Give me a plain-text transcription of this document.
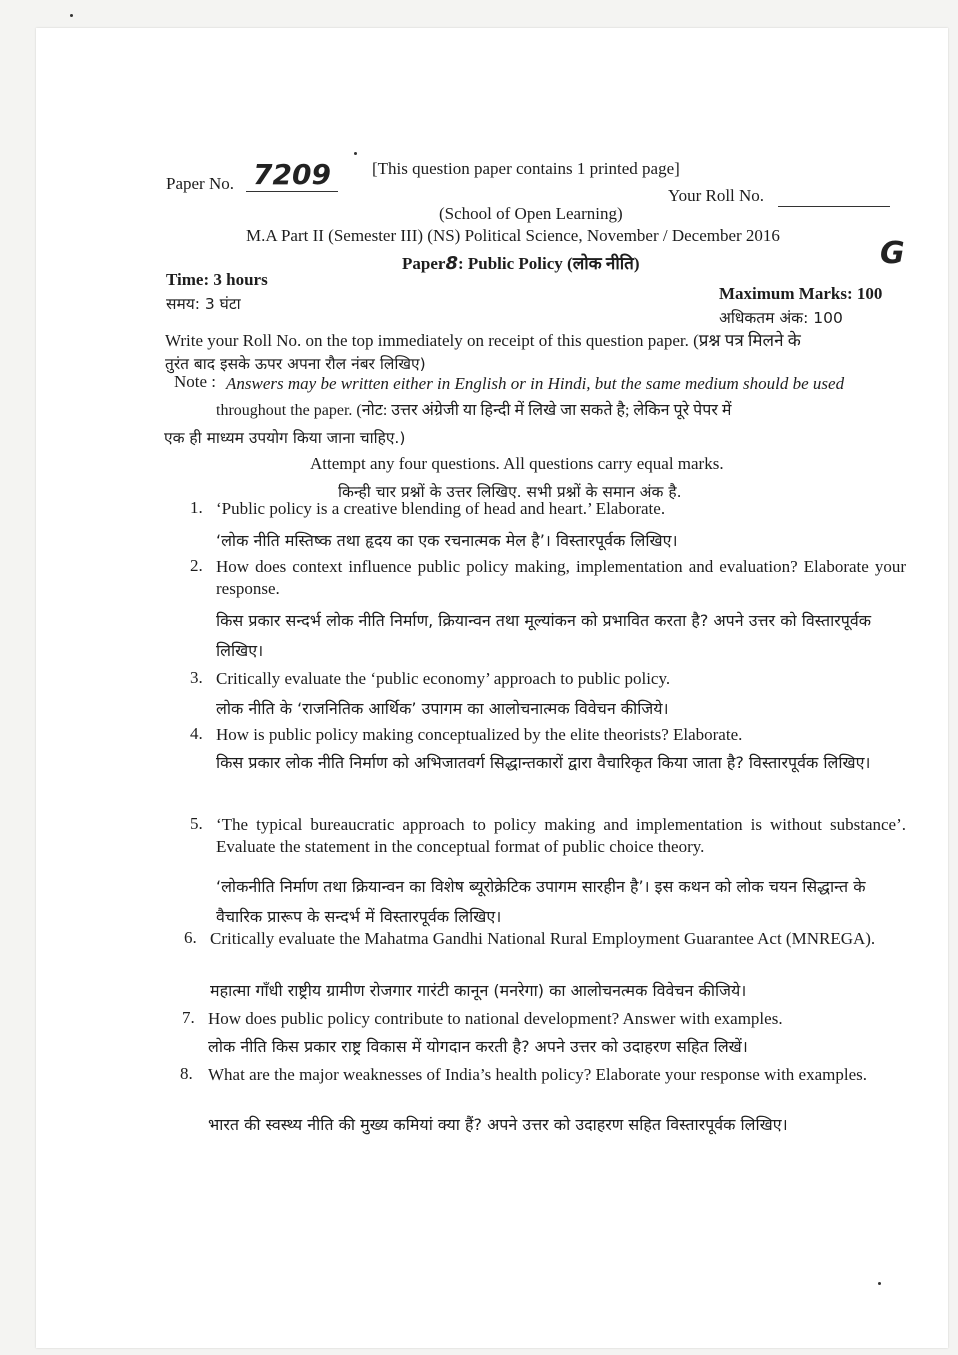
Paper No. 7209	[This question paper contains 1 printed page]
Your Roll No.
(School of Open Learning)
M.A Part II (Semester III) (NS) Political Science, November / December 2016
Paper8: Public Policy (लोक नीति)	G
Time: 3 hours
समय: 3 घंटा
Maximum Marks: 100
अधिकतम अंक: 100
Write your Roll No. on the top immediately on receipt of this question paper. (प्रश्न पत्र मिलने के
तुरंत बाद इसके ऊपर अपना रौल नंबर लिखिए)
Note : Answers may be written either in English or in Hindi, but the same medium should be used
throughout the paper. (नोट: उत्तर अंग्रेजी या हिन्दी में लिखे जा सकते है; लेकिन पूरे पेपर में
एक ही माध्यम उपयोग किया जाना चाहिए.)
Attempt any four questions. All questions carry equal marks.
किन्ही चार प्रश्नों के उत्तर लिखिए. सभी प्रश्नों के समान अंक है.
1. ‘Public policy is a creative blending of head and heart.’ Elaborate.
‘लोक नीति मस्तिष्क तथा हृदय का एक रचनात्मक मेल है’। विस्तारपूर्वक लिखिए।
2. How does context influence public policy making, implementation and evaluation? Elaborate your response.
किस प्रकार सन्दर्भ लोक नीति निर्माण, क्रियान्वन तथा मूल्यांकन को प्रभावित करता है? अपने उत्तर को विस्तारपूर्वक लिखिए।
3. Critically evaluate the ‘public economy’ approach to public policy.
लोक नीति के ‘राजनितिक आर्थिक’ उपागम का आलोचनात्मक विवेचन कीजिये।
4. How is public policy making conceptualized by the elite theorists? Elaborate.
किस प्रकार लोक नीति निर्माण को अभिजातवर्ग सिद्धान्तकारों द्वारा वैचारिकृत किया जाता है? विस्तारपूर्वक लिखिए।
5. ‘The typical bureaucratic approach to policy making and implementation is without substance’. Evaluate the statement in the conceptual format of public choice theory.
‘लोकनीति निर्माण तथा क्रियान्वन का विशेष ब्यूरोक्रेटिक उपागम सारहीन है’। इस कथन को लोक चयन सिद्धान्त के वैचारिक प्रारूप के सन्दर्भ में विस्तारपूर्वक लिखिए।
6. Critically evaluate the Mahatma Gandhi National Rural Employment Guarantee Act (MNREGA).
महात्मा गाँधी राष्ट्रीय ग्रामीण रोजगार गारंटी कानून (मनरेगा) का आलोचनत्मक विवेचन कीजिये।
7. How does public policy contribute to national development? Answer with examples.
लोक नीति किस प्रकार राष्ट्र विकास में योगदान करती है? अपने उत्तर को उदाहरण सहित लिखें।
8. What are the major weaknesses of India’s health policy? Elaborate your response with examples.
भारत की स्वस्थ्य नीति की मुख्य कमियां क्या हैं? अपने उत्तर को उदाहरण सहित विस्तारपूर्वक लिखिए।
